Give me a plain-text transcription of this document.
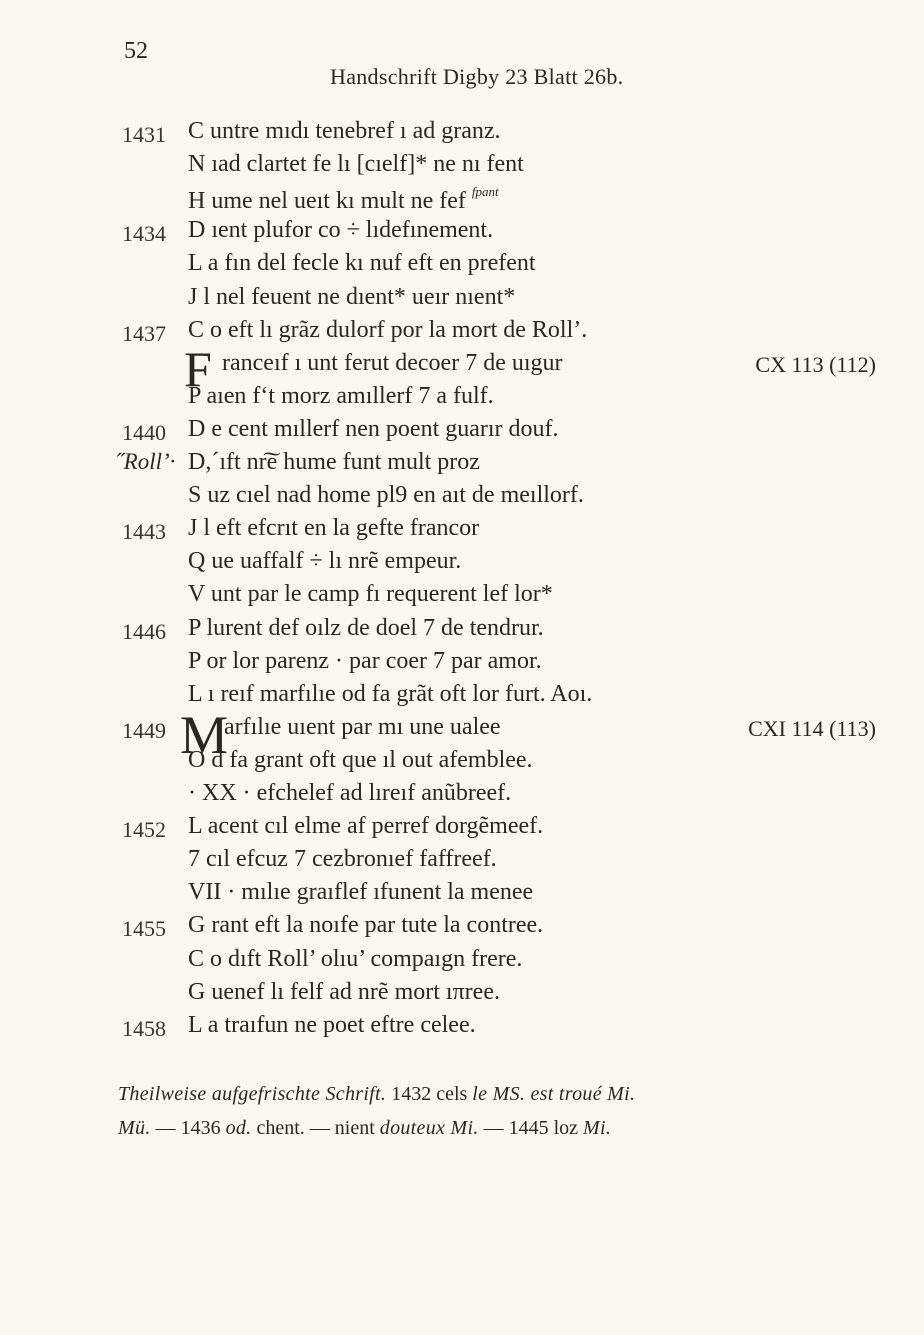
52
Handschrift Digby 23 Blatt 26b.
1431 C untre mıdı tenebref ı ad granz.
N ıad clartet fe lı [cıelf]* ne nı fent
H ume nel ueıt kı mult ne fef $^{fpant}$
1434 D ıent plufor co ÷ lıdefınement.
L a fın del fecle kı nuf eft en prefent
J l nel feuent ne dıent* ueır nıent*
1437 C o eft lı grãz dulorf por la mort de Roll’.
F ranceıf ı unt ferut decoer 7 de uıgur	CX 113 (112)
P aıen f‘t morz amıllerf 7 a fulf.
1440 D e cent mıllerf nen poent guarır douf.
˝Roll’· D,´ıft nr͠e hume funt mult proz
S uz cıel nad home pl9 en aıt de meıllorf.
1443 J l eft efcrıt en la gefte francor
Q ue uaffalf ÷ lı nrẽ empeur.
V unt par le camp fı requerent lef lor*
1446 P lurent def oılz de doel 7 de tendrur.
P or lor parenz · par coer 7 par amor.
L ı reıf marfılıe od fa grãt oft lor furt. Aoı.
1449 M
arfılıe uıent par mı une ualee	CXI 114 (113)
O d fa grant oft que ıl out afemblee.
· XX · efchelef ad lıreıf anũbreef.
1452 L acent cıl elme af perref dorgẽmeef.
7 cıl efcuz 7 cezbronıef faffreef.
VII · mılıe graıflef ıfunent la menee
1455 G rant eft la noıfe par tute la contree.
C o dıft Roll’ olıu’ compaıgn frere.
G uenef lı felf ad nrẽ mort ıπree.
1458 L a traıfun ne poet eftre celee.
Theilweise aufgefrischte Schrift. 1432 cels le MS. est troué Mi.
Mü. — 1436 od. chent. — nient douteux Mi. — 1445 loz Mi.
